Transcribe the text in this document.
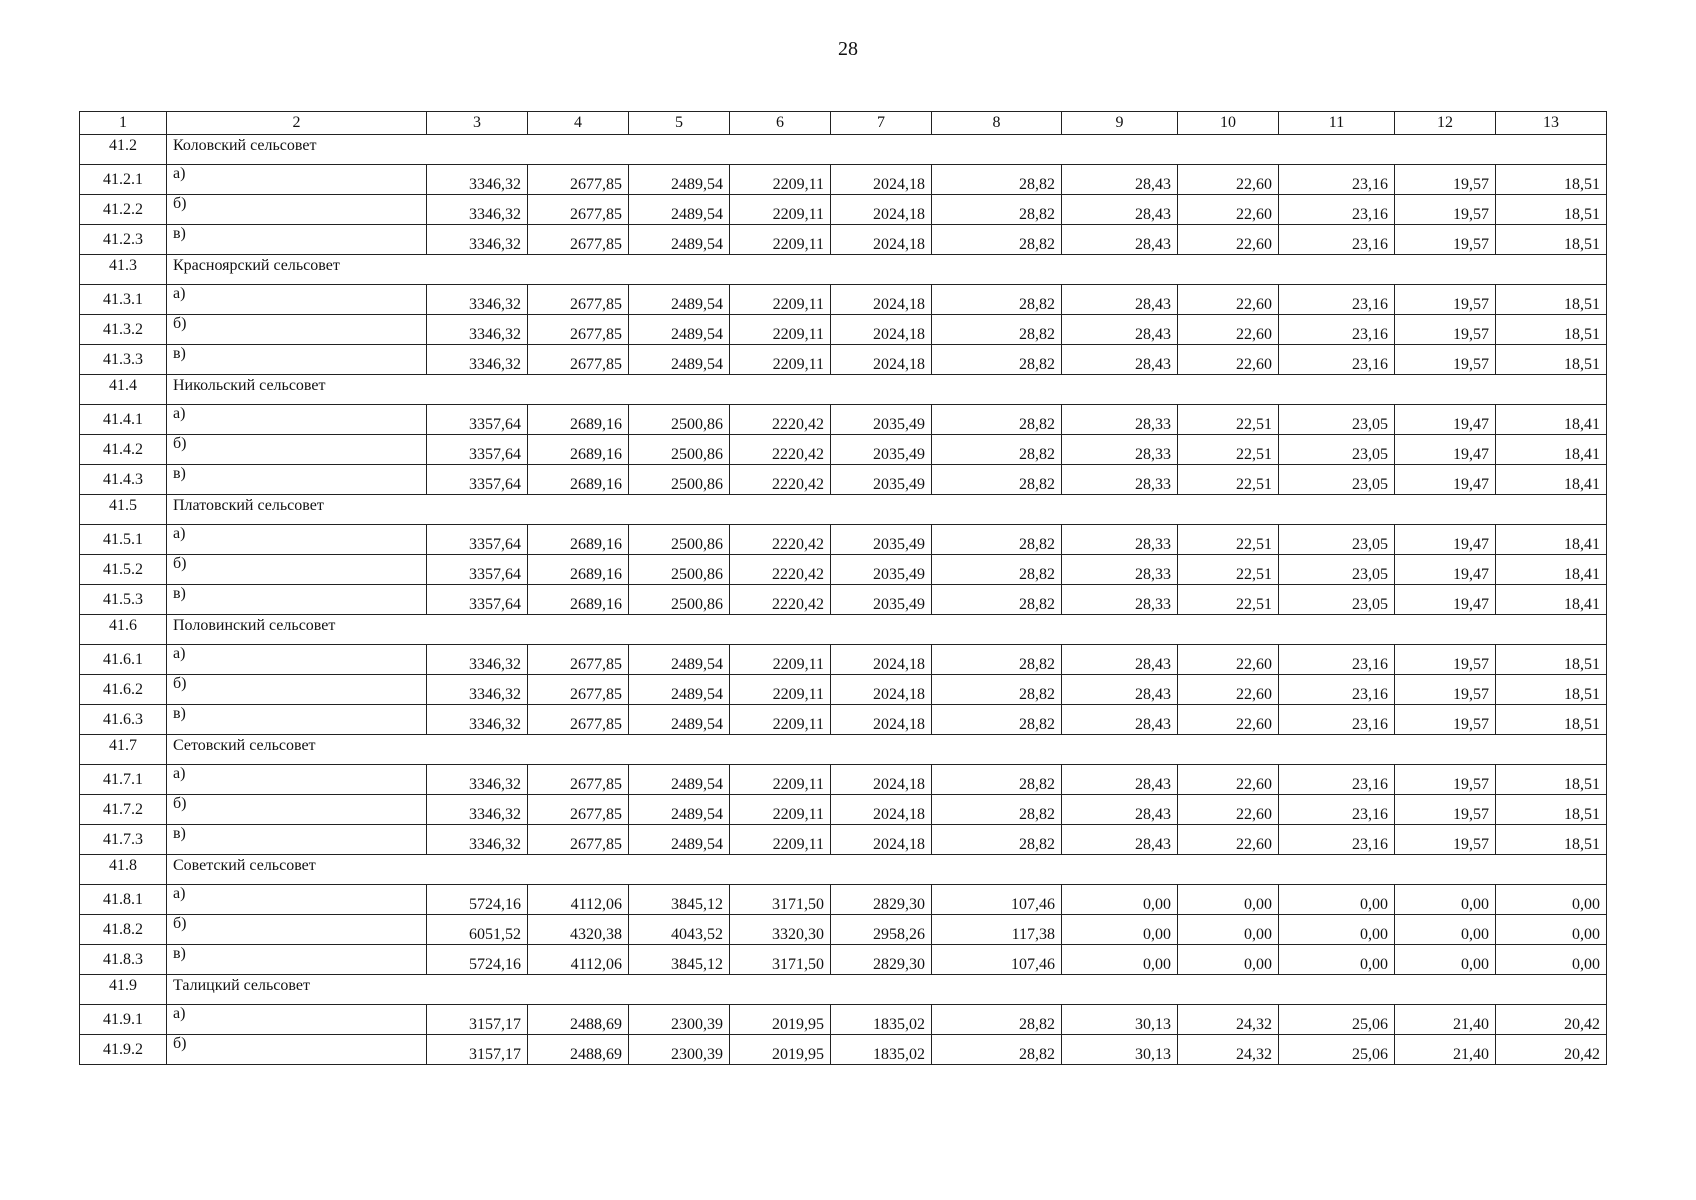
28
1	2	3	4	5	6	7	8	9	10	11	12	13
41.2	Коловский сельсовет											
41.2.1	а)	3346,32	2677,85	2489,54	2209,11	2024,18	28,82	28,43	22,60	23,16	19,57	18,51
41.2.2	б)	3346,32	2677,85	2489,54	2209,11	2024,18	28,82	28,43	22,60	23,16	19,57	18,51
41.2.3	в)	3346,32	2677,85	2489,54	2209,11	2024,18	28,82	28,43	22,60	23,16	19,57	18,51
41.3	Красноярский сельсовет											
41.3.1	а)	3346,32	2677,85	2489,54	2209,11	2024,18	28,82	28,43	22,60	23,16	19,57	18,51
41.3.2	б)	3346,32	2677,85	2489,54	2209,11	2024,18	28,82	28,43	22,60	23,16	19,57	18,51
41.3.3	в)	3346,32	2677,85	2489,54	2209,11	2024,18	28,82	28,43	22,60	23,16	19,57	18,51
41.4	Никольский сельсовет											
41.4.1	а)	3357,64	2689,16	2500,86	2220,42	2035,49	28,82	28,33	22,51	23,05	19,47	18,41
41.4.2	б)	3357,64	2689,16	2500,86	2220,42	2035,49	28,82	28,33	22,51	23,05	19,47	18,41
41.4.3	в)	3357,64	2689,16	2500,86	2220,42	2035,49	28,82	28,33	22,51	23,05	19,47	18,41
41.5	Платовский сельсовет											
41.5.1	а)	3357,64	2689,16	2500,86	2220,42	2035,49	28,82	28,33	22,51	23,05	19,47	18,41
41.5.2	б)	3357,64	2689,16	2500,86	2220,42	2035,49	28,82	28,33	22,51	23,05	19,47	18,41
41.5.3	в)	3357,64	2689,16	2500,86	2220,42	2035,49	28,82	28,33	22,51	23,05	19,47	18,41
41.6	Половинский сельсовет											
41.6.1	а)	3346,32	2677,85	2489,54	2209,11	2024,18	28,82	28,43	22,60	23,16	19,57	18,51
41.6.2	б)	3346,32	2677,85	2489,54	2209,11	2024,18	28,82	28,43	22,60	23,16	19,57	18,51
41.6.3	в)	3346,32	2677,85	2489,54	2209,11	2024,18	28,82	28,43	22,60	23,16	19,57	18,51
41.7	Сетовский сельсовет											
41.7.1	а)	3346,32	2677,85	2489,54	2209,11	2024,18	28,82	28,43	22,60	23,16	19,57	18,51
41.7.2	б)	3346,32	2677,85	2489,54	2209,11	2024,18	28,82	28,43	22,60	23,16	19,57	18,51
41.7.3	в)	3346,32	2677,85	2489,54	2209,11	2024,18	28,82	28,43	22,60	23,16	19,57	18,51
41.8	Советский сельсовет											
41.8.1	а)	5724,16	4112,06	3845,12	3171,50	2829,30	107,46	0,00	0,00	0,00	0,00	0,00
41.8.2	б)	6051,52	4320,38	4043,52	3320,30	2958,26	117,38	0,00	0,00	0,00	0,00	0,00
41.8.3	в)	5724,16	4112,06	3845,12	3171,50	2829,30	107,46	0,00	0,00	0,00	0,00	0,00
41.9	Талицкий сельсовет											
41.9.1	а)	3157,17	2488,69	2300,39	2019,95	1835,02	28,82	30,13	24,32	25,06	21,40	20,42
41.9.2	б)	3157,17	2488,69	2300,39	2019,95	1835,02	28,82	30,13	24,32	25,06	21,40	20,42
